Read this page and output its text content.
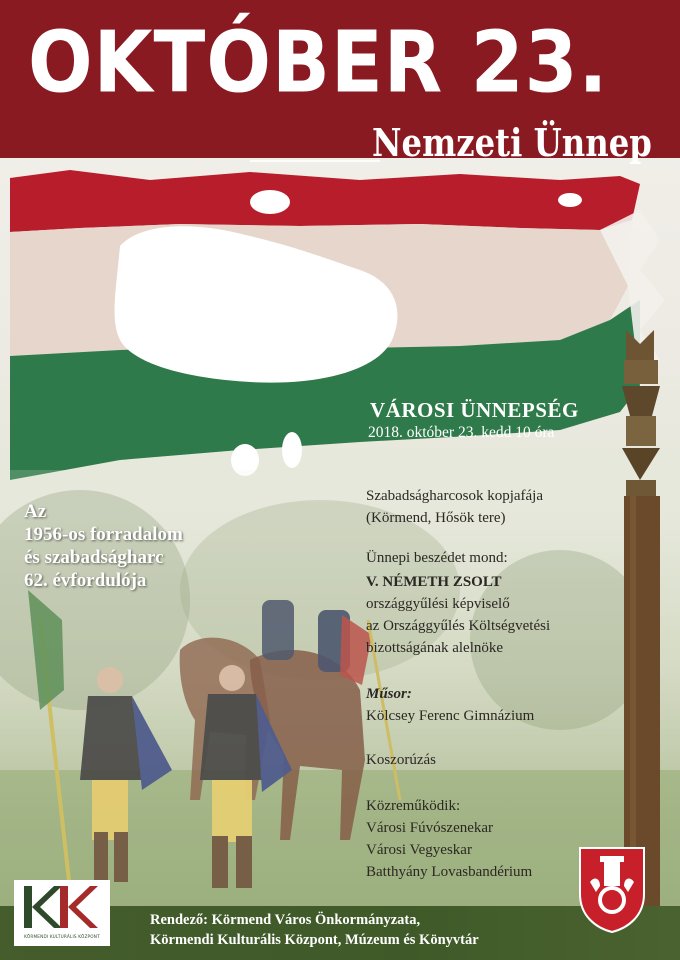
OKTÓBER 23.
Nemzeti Ünnep
VÁROSI ÜNNEPSÉG

2018. október 23. kedd 10 óra

Szabadságharcosok kopjafája

(Körmend, Hősök tere)

Ünnepi beszédet mond:

V. NÉMETH ZSOLT

országgyűlési képviselő

az Országgyűlés Költségvetési

bizottságának alelnöke

Műsor:

Kölcsey Ferenc Gimnázium

Koszorúzás

Közreműködik:

Városi Fúvószenekar

Városi Vegyeskar

Batthyány Lovasbandérium

Az
1956-os forradalom
és szabadságharc
62. évfordulója
Rendező: Körmend Város Önkormányzata,
Körmendi Kulturális Központ, Múzeum és Könyvtár

KÖRMENDI KULTURÁLIS KÖZPONT
